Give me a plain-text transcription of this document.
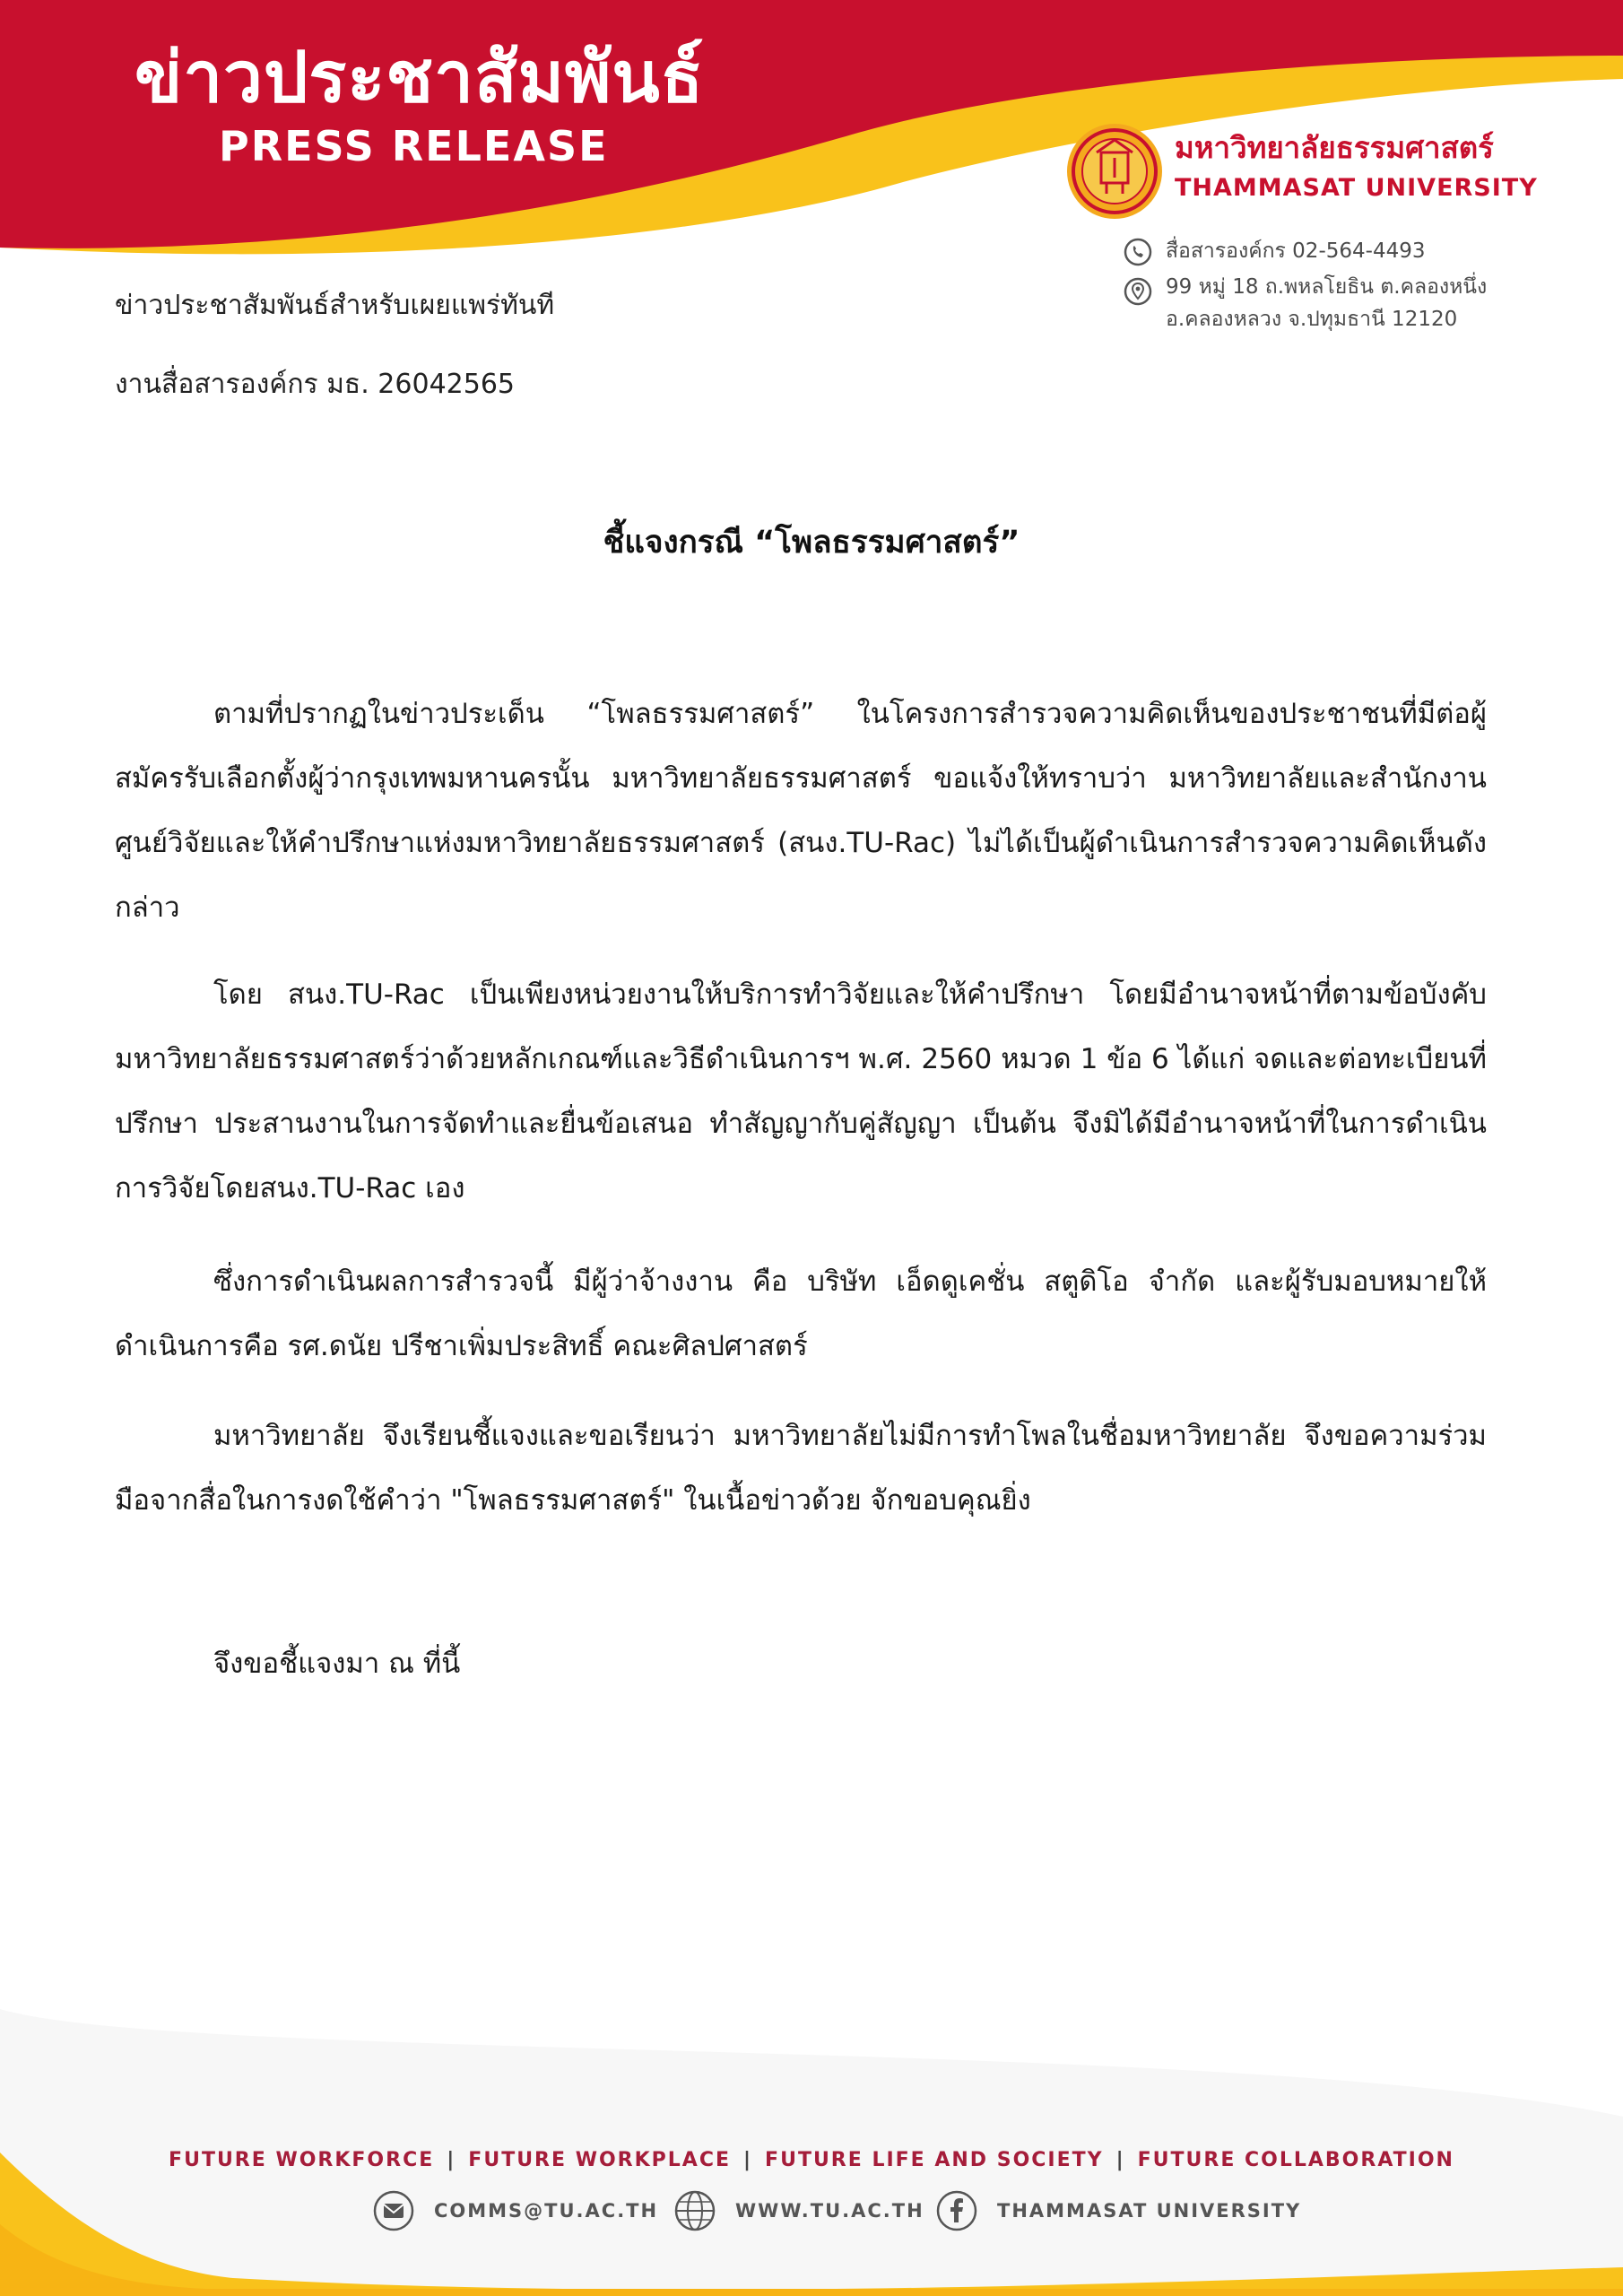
ข่าวประชาสัมพันธ์
PRESS RELEASE	มหาวิทยาลัยธรรมศาสตร์
THAMMASAT UNIVERSITY
สื่อสารองค์กร 02-564-4493
99 หมู่ 18 ถ.พหลโยธิน ต.คลองหนึ่ง
อ.คลองหลวง จ.ปทุมธานี 12120
ข่าวประชาสัมพันธ์สำหรับเผยแพร่ทันที
งานสื่อสารองค์กร มธ. 26042565
ชี้แจงกรณี “โพลธรรมศาสตร์”

ตามที่ปรากฏในข่าวประเด็น “โพลธรรมศาสตร์” ในโครงการสำรวจความคิดเห็นของประชาชนที่มีต่อผู้สมัครรับเลือกตั้งผู้ว่ากรุงเทพมหานครนั้น มหาวิทยาลัยธรรมศาสตร์ ขอแจ้งให้ทราบว่า มหาวิทยาลัยและสำนักงานศูนย์วิจัยและให้คำปรึกษาแห่งมหาวิทยาลัยธรรมศาสตร์ (สนง.TU-Rac) ไม่ได้เป็นผู้ดำเนินการสำรวจความคิดเห็นดังกล่าว

โดย สนง.TU-Rac เป็นเพียงหน่วยงานให้บริการทำวิจัยและให้คำปรึกษา โดยมีอำนาจหน้าที่ตามข้อบังคับ มหาวิทยาลัยธรรมศาสตร์ว่าด้วยหลักเกณฑ์และวิธีดำเนินการฯ พ.ศ. 2560 หมวด 1 ข้อ 6 ได้แก่ จดและต่อทะเบียนที่ปรึกษา ประสานงานในการจัดทำและยื่นข้อเสนอ ทำสัญญากับคู่สัญญา เป็นต้น จึงมิได้มีอำนาจหน้าที่ในการดำเนินการวิจัยโดยสนง.TU-Rac เอง

ซึ่งการดำเนินผลการสำรวจนี้ มีผู้ว่าจ้างงาน คือ บริษัท เอ็ดดูเคชั่น สตูดิโอ จำกัด และผู้รับมอบหมายให้ดำเนินการคือ รศ.ดนัย ปรีชาเพิ่มประสิทธิ์ คณะศิลปศาสตร์

มหาวิทยาลัย จึงเรียนชี้แจงและขอเรียนว่า มหาวิทยาลัยไม่มีการทำโพลในชื่อมหาวิทยาลัย จึงขอความร่วมมือจากสื่อในการงดใช้คำว่า "โพลธรรมศาสตร์" ในเนื้อข่าวด้วย จักขอบคุณยิ่ง

จึงขอชี้แจงมา ณ ที่นี้
FUTURE WORKFORCE | FUTURE WORKPLACE | FUTURE LIFE AND SOCIETY | FUTURE COLLABORATION
COMMS@TU.AC.TH	WWW.TU.AC.TH	THAMMASAT UNIVERSITY
